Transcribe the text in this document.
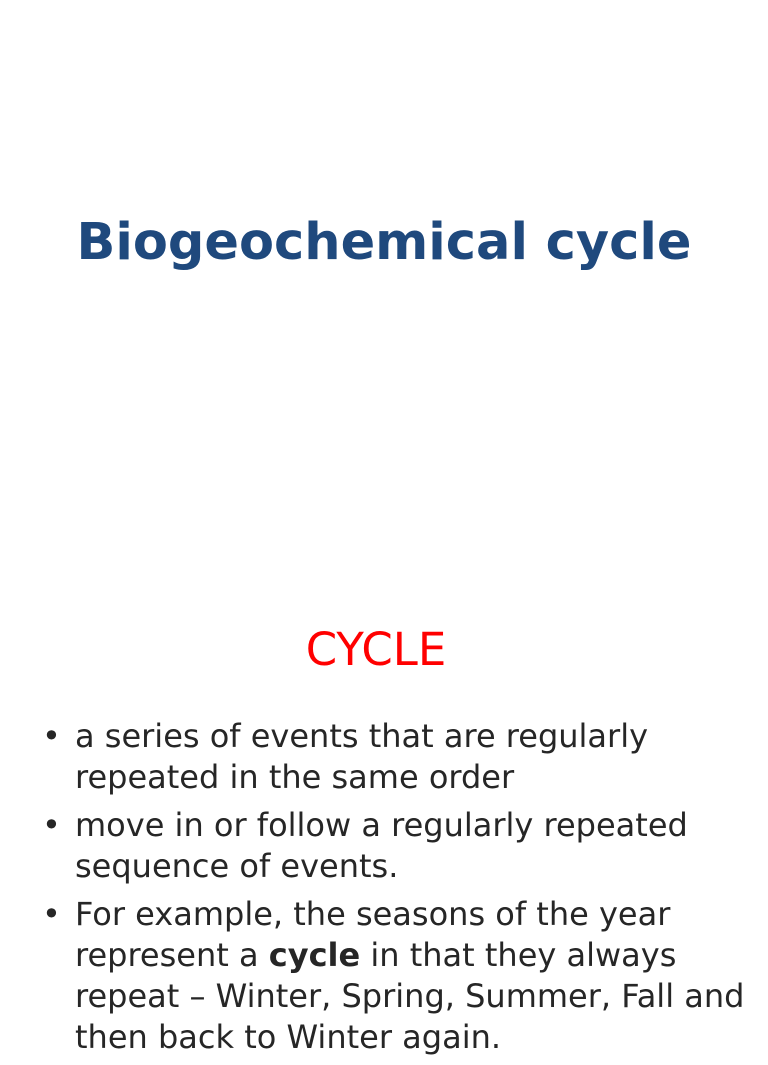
Biogeochemical cycle
CYCLE
• a series of events that are regularly repeated in the same order
• move in or follow a regularly repeated sequence of events.
• For example, the seasons of the year represent a cycle in that they always repeat – Winter, Spring, Summer, Fall and then back to Winter again.
